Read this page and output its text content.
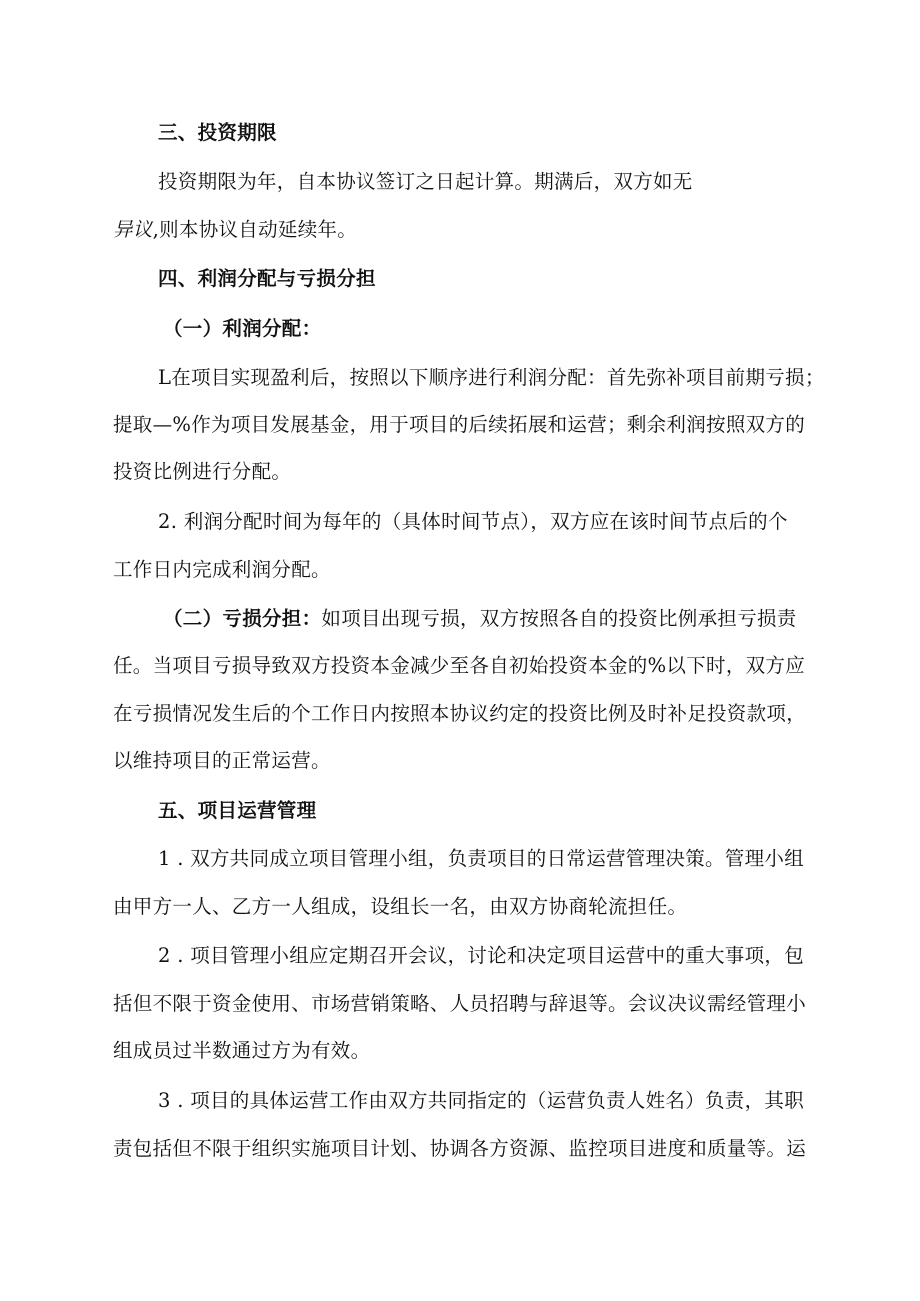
三、投资期限
投资期限为年，自本协议签订之日起计算。期满后，双方如无
异议,则本协议自动延续年。
四、利润分配与亏损分担
（一）利润分配：
L在项目实现盈利后，按照以下顺序进行利润分配：首先弥补项目前期亏损；
提取—%作为项目发展基金，用于项目的后续拓展和运营；剩余利润按照双方的
投资比例进行分配。
2. 利润分配时间为每年的（具体时间节点），双方应在该时间节点后的个
工作日内完成利润分配。
（二）亏损分担：如项目出现亏损，双方按照各自的投资比例承担亏损责
任。当项目亏损导致双方投资本金减少至各自初始投资本金的%以下时，双方应
在亏损情况发生后的个工作日内按照本协议约定的投资比例及时补足投资款项，
以维持项目的正常运营。
五、项目运营管理
1 . 双方共同成立项目管理小组，负责项目的日常运营管理决策。管理小组
由甲方一人、乙方一人组成，设组长一名，由双方协商轮流担任。
2 . 项目管理小组应定期召开会议，讨论和决定项目运营中的重大事项，包
括但不限于资金使用、市场营销策略、人员招聘与辞退等。会议决议需经管理小
组成员过半数通过方为有效。
3 . 项目的具体运营工作由双方共同指定的（运营负责人姓名）负责，其职
责包括但不限于组织实施项目计划、协调各方资源、监控项目进度和质量等。运
